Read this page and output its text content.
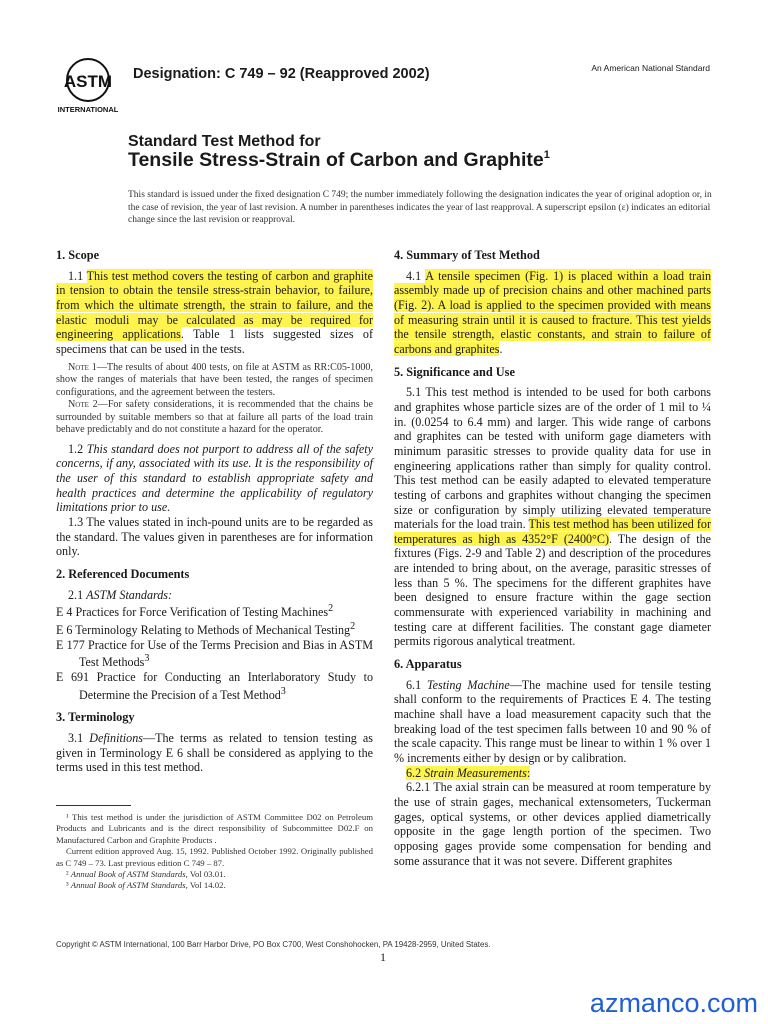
ASTM
INTERNATIONAL
Designation: C 749 – 92 (Reapproved 2002)	An American National Standard
Standard Test Method for
Tensile Stress-Strain of Carbon and Graphite$^1$
This standard is issued under the fixed designation C 749; the number immediately following the designation indicates the year of original adoption or, in the case of revision, the year of last revision. A number in parentheses indicates the year of last reapproval. A superscript epsilon (ε) indicates an editorial change since the last revision or reapproval.
1. Scope

1.1 This test method covers the testing of carbon and graphite in tension to obtain the tensile stress-strain behavior, to failure, from which the ultimate strength, the strain to failure, and the elastic moduli may be calculated as may be required for engineering applications. Table 1 lists suggested sizes of specimens that can be used in the tests.

Note 1—The results of about 400 tests, on file at ASTM as RR:C05-1000, show the ranges of materials that have been tested, the ranges of specimen configurations, and the agreement between the testers.

Note 2—For safety considerations, it is recommended that the chains be surrounded by suitable members so that at failure all parts of the load train behave predictably and do not constitute a hazard for the operator.

1.2 This standard does not purport to address all of the safety concerns, if any, associated with its use. It is the responsibility of the user of this standard to establish appropriate safety and health practices and determine the applicability of regulatory limitations prior to use.

1.3 The values stated in inch-pound units are to be regarded as the standard. The values given in parentheses are for information only.

2. Referenced Documents

2.1 ASTM Standards:

E 4 Practices for Force Verification of Testing Machines$^2$

E 6 Terminology Relating to Methods of Mechanical Testing$^2$

E 177 Practice for Use of the Terms Precision and Bias in ASTM Test Methods$^3$

E 691 Practice for Conducting an Interlaboratory Study to Determine the Precision of a Test Method$^3$

3. Terminology

3.1 Definitions—The terms as related to tension testing as given in Terminology E 6 shall be considered as applying to the terms used in this test method.

4. Summary of Test Method

4.1 A tensile specimen (Fig. 1) is placed within a load train assembly made up of precision chains and other machined parts (Fig. 2). A load is applied to the specimen provided with means of measuring strain until it is caused to fracture. This test yields the tensile strength, elastic constants, and strain to failure of carbons and graphites.

5. Significance and Use

5.1 This test method is intended to be used for both carbons and graphites whose particle sizes are of the order of 1 mil to ¼ in. (0.0254 to 6.4 mm) and larger. This wide range of carbons and graphites can be tested with uniform gage diameters with minimum parasitic stresses to provide quality data for use in engineering applications rather than simply for quality control. This test method can be easily adapted to elevated temperature testing of carbons and graphites without changing the specimen size or configuration by simply utilizing elevated temperature materials for the load train. This test method has been utilized for temperatures as high as 4352°F (2400°C). The design of the fixtures (Figs. 2-9 and Table 2) and description of the procedures are intended to bring about, on the average, parasitic stresses of less than 5 %. The specimens for the different graphites have been designed to ensure fracture within the gage section commensurate with experienced variability in machining and testing care at different facilities. The constant gage diameter permits rigorous analytical treatment.

6. Apparatus

6.1 Testing Machine—The machine used for tensile testing shall conform to the requirements of Practices E 4. The testing machine shall have a load measurement capacity such that the breaking load of the test specimen falls between 10 and 90 % of the scale capacity. This range must be linear to within 1 % over 1 % increments either by design or by calibration.

6.2 Strain Measurements:

6.2.1 The axial strain can be measured at room temperature by the use of strain gages, mechanical extensometers, Tuckerman gages, optical systems, or other devices applied diametrically opposite in the gage length portion of the specimen. Two opposing gages provide some compensation for bending and some assurance that it was not severe. Different graphites

¹ This test method is under the jurisdiction of ASTM Committee D02 on Petroleum Products and Lubricants and is the direct responsibility of Subcommittee D02.F on Manufactured Carbon and Graphite Products .

Current edition approved Aug. 15, 1992. Published October 1992. Originally published as C 749 – 73. Last previous edition C 749 – 87.

² Annual Book of ASTM Standards, Vol 03.01.

³ Annual Book of ASTM Standards, Vol 14.02.

Copyright © ASTM International, 100 Barr Harbor Drive, PO Box C700, West Conshohocken, PA 19428-2959, United States.
1
azmanco.com
